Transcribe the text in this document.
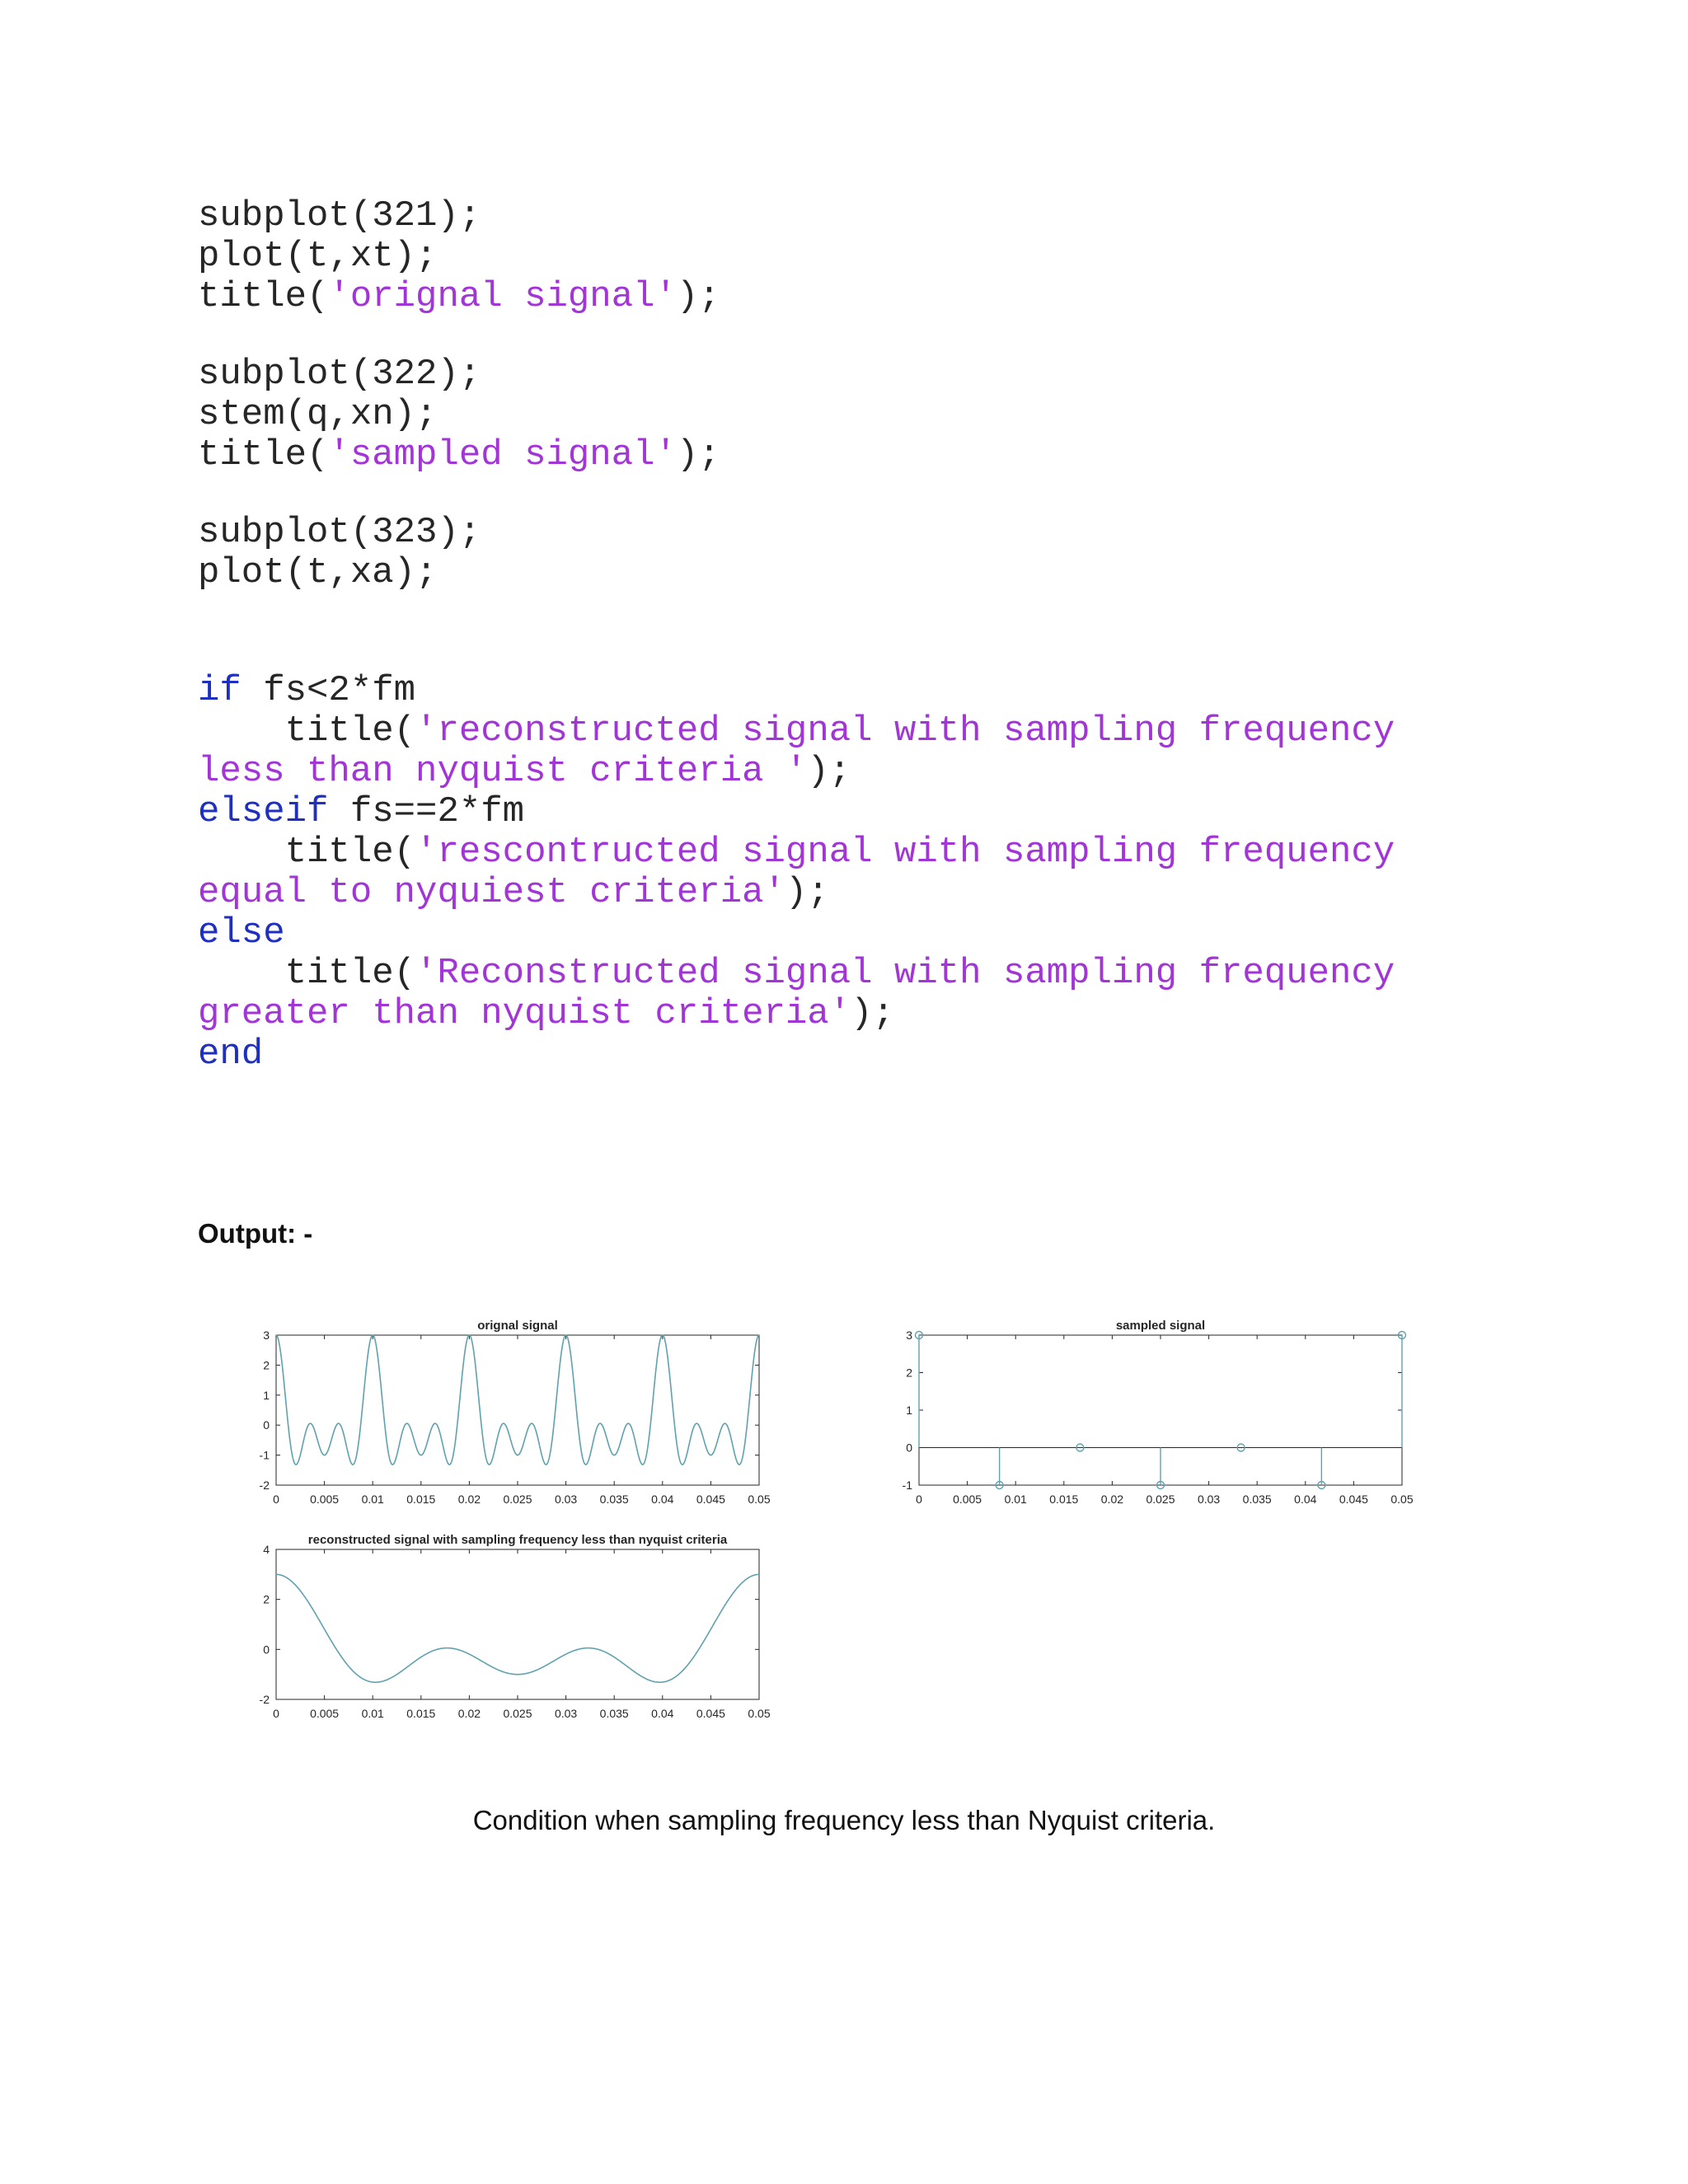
subplot(321);
plot(t,xt);
title('orignal signal');
subplot(322);
stem(q,xn);
title('sampled signal');
subplot(323);
plot(t,xa);
if fs<2*fm
title('reconstructed signal with sampling frequency
less than nyquist criteria ');
elseif fs==2*fm
title('rescontructed signal with sampling frequency
equal to nyquiest criteria');
else
title('Reconstructed signal with sampling frequency
greater than nyquist criteria');
end

Output: -

orignal signal
0	0.005 0.01 0.015 0.02 0.025 0.03 0.035 0.04 0.045 0.05
-2
-1
0
1
2
3
sampled signal
0	0.005 0.01 0.015 0.02 0.025 0.03 0.035 0.04 0.045 0.05
-1
0
1
2
3
reconstructed signal with sampling frequency less than nyquist criteria
0	0.005 0.01 0.015 0.02 0.025 0.03 0.035 0.04 0.045 0.05
-2
0
2
4

Condition when sampling frequency less than Nyquist criteria.
